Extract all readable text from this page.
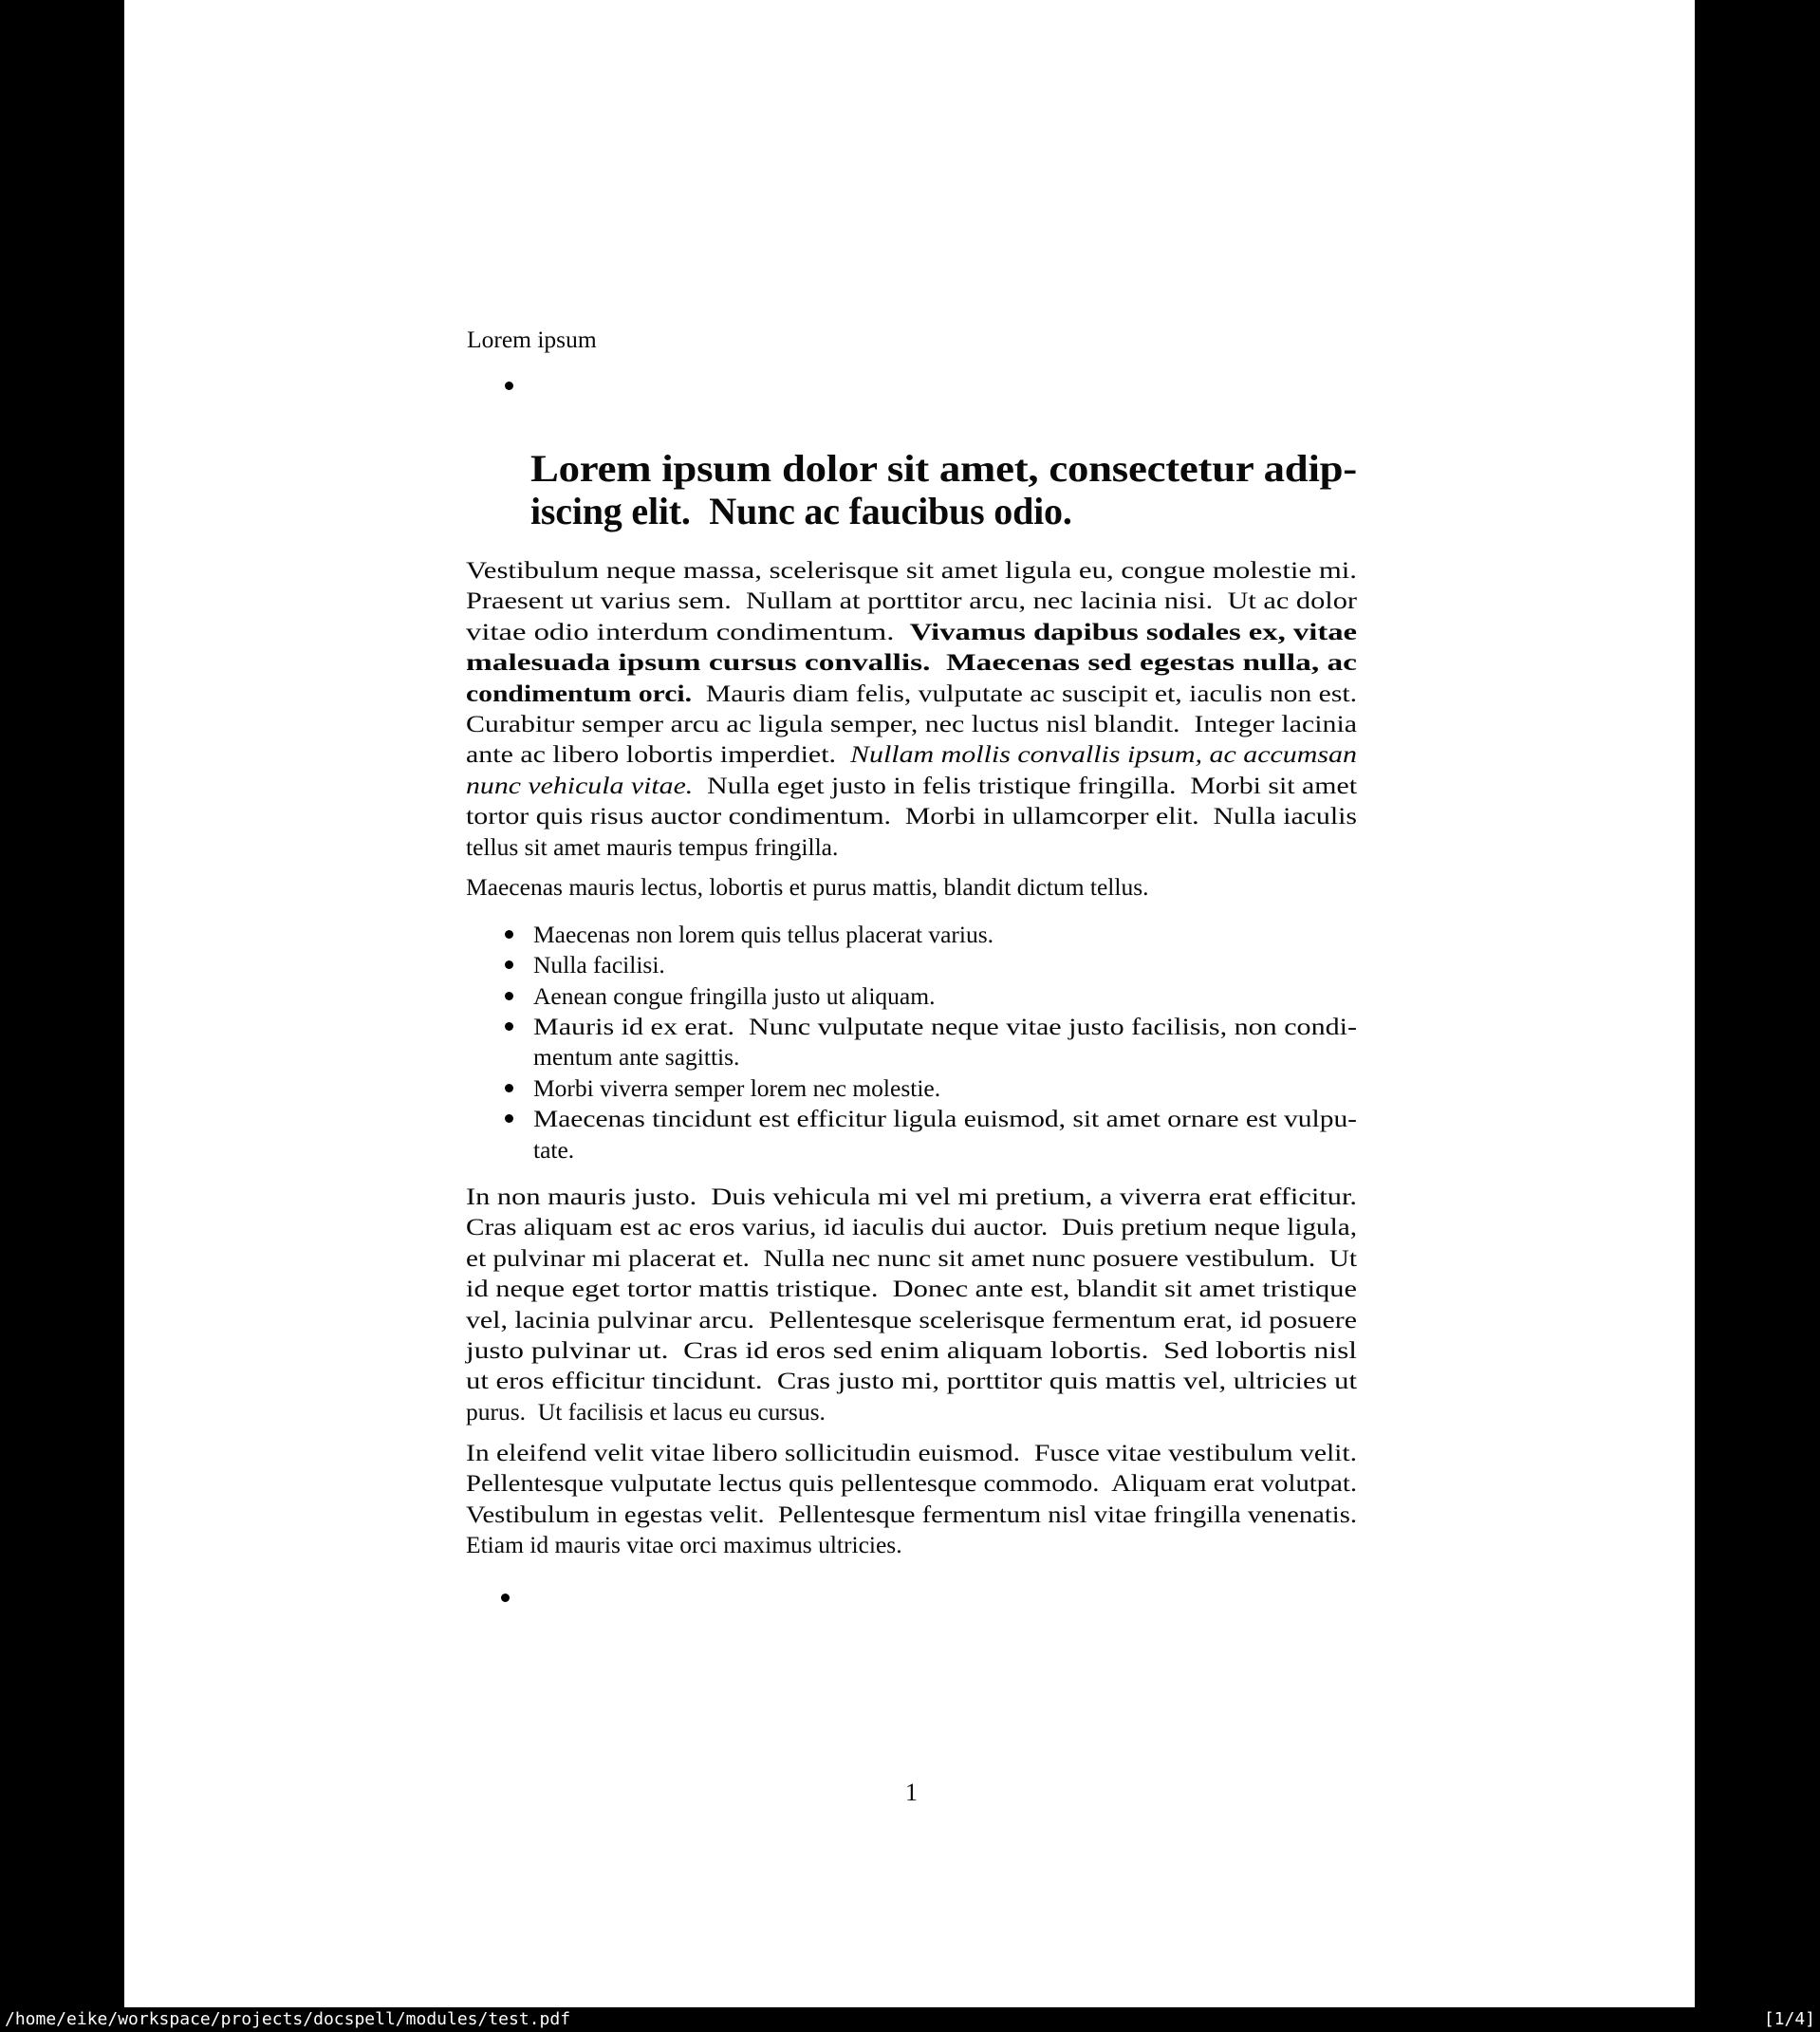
Lorem ipsum
Lorem ipsum dolor sit amet, consectetur adip-
iscing elit.  Nunc ac faucibus odio.
Vestibulum neque massa, scelerisque sit amet ligula eu, congue molestie mi.
Praesent ut varius sem.  Nullam at porttitor arcu, nec lacinia nisi.  Ut ac dolor
vitae odio interdum condimentum.  Vivamus dapibus sodales ex, vitae
malesuada ipsum cursus convallis.  Maecenas sed egestas nulla, ac
condimentum orci.  Mauris diam felis, vulputate ac suscipit et, iaculis non est.
Curabitur semper arcu ac ligula semper, nec luctus nisl blandit.  Integer lacinia
ante ac libero lobortis imperdiet.  Nullam mollis convallis ipsum, ac accumsan
nunc vehicula vitae.  Nulla eget justo in felis tristique fringilla.  Morbi sit amet
tortor quis risus auctor condimentum.  Morbi in ullamcorper elit.  Nulla iaculis
tellus sit amet mauris tempus fringilla.
Maecenas mauris lectus, lobortis et purus mattis, blandit dictum tellus.
Maecenas non lorem quis tellus placerat varius.
Nulla facilisi.
Aenean congue fringilla justo ut aliquam.
Mauris id ex erat.  Nunc vulputate neque vitae justo facilisis, non condi-
mentum ante sagittis.
Morbi viverra semper lorem nec molestie.
Maecenas tincidunt est efficitur ligula euismod, sit amet ornare est vulpu-
tate.
In non mauris justo.  Duis vehicula mi vel mi pretium, a viverra erat efficitur.
Cras aliquam est ac eros varius, id iaculis dui auctor.  Duis pretium neque ligula,
et pulvinar mi placerat et.  Nulla nec nunc sit amet nunc posuere vestibulum.  Ut
id neque eget tortor mattis tristique.  Donec ante est, blandit sit amet tristique
vel, lacinia pulvinar arcu.  Pellentesque scelerisque fermentum erat, id posuere
justo pulvinar ut.  Cras id eros sed enim aliquam lobortis.  Sed lobortis nisl
ut eros efficitur tincidunt.  Cras justo mi, porttitor quis mattis vel, ultricies ut
purus.  Ut facilisis et lacus eu cursus.
In eleifend velit vitae libero sollicitudin euismod.  Fusce vitae vestibulum velit.
Pellentesque vulputate lectus quis pellentesque commodo.  Aliquam erat volutpat.
Vestibulum in egestas velit.  Pellentesque fermentum nisl vitae fringilla venenatis.
Etiam id mauris vitae orci maximus ultricies.
1
/home/eike/workspace/projects/docspell/modules/test.pdf	[1/4]
